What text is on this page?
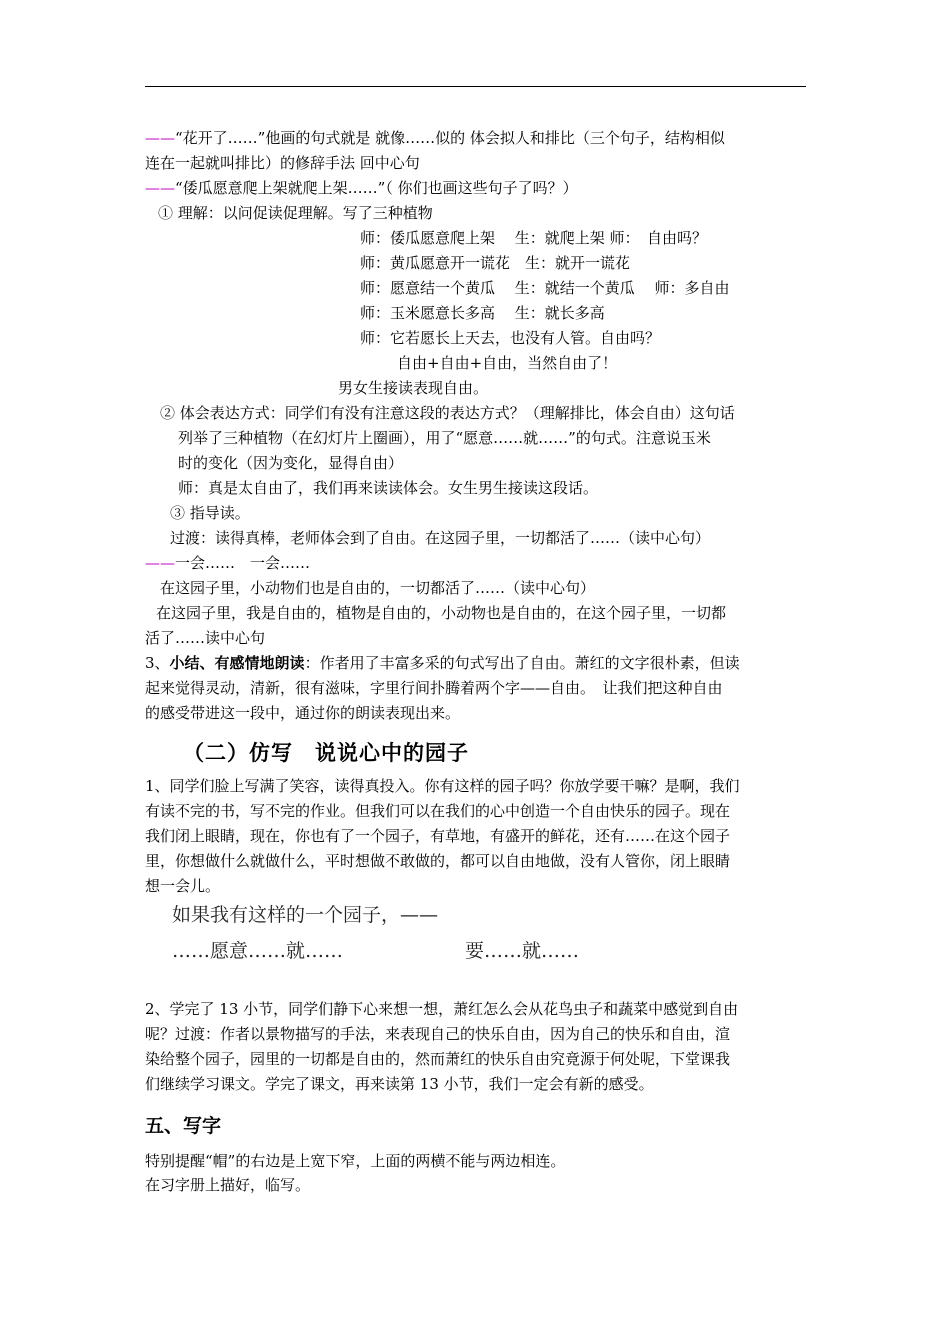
——“花开了……”他画的句式就是 就像……似的 体会拟人和排比（三个句子，结构相似
连在一起就叫排比）的修辞手法 回中心句
——“倭瓜愿意爬上架就爬上架……”（ 你们也画这些句子了吗？）
① 理解：以问促读促理解。写了三种植物
师：倭瓜愿意爬上架　 生：就爬上架 师：　自由吗？
师：黄瓜愿意开一谎花　生：就开一谎花
师：愿意结一个黄瓜　 生：就结一个黄瓜　 师：多自由
师：玉米愿意长多高　 生：就长多高
师：它若愿长上天去，也没有人管。自由吗？
自由+自由+自由，当然自由了！
男女生接读表现自由。
② 体会表达方式：同学们有没有注意这段的表达方式？（理解排比，体会自由）这句话
列举了三种植物（在幻灯片上圈画），用了“愿意……就……”的句式。注意说玉米
时的变化（因为变化，显得自由）
师：真是太自由了，我们再来读读体会。女生男生接读这段话。
③ 指导读。
过渡：读得真棒，老师体会到了自由。在这园子里，一切都活了……（读中心句）
——一会……　一会……
在这园子里，小动物们也是自由的，一切都活了……（读中心句）
在这园子里，我是自由的，植物是自由的，小动物也是自由的，在这个园子里，一切都
活了……读中心句
3、小结、有感情地朗读：作者用了丰富多采的句式写出了自由。萧红的文字很朴素，但读
起来觉得灵动，清新，很有滋味，字里行间扑腾着两个字——自由。　让我们把这种自由
的感受带进这一段中，通过你的朗读表现出来。
（二）仿写　说说心中的园子
1、同学们脸上写满了笑容，读得真投入。你有这样的园子吗？你放学要干嘛？是啊，我们
有读不完的书，写不完的作业。但我们可以在我们的心中创造一个自由快乐的园子。现在
我们闭上眼睛，现在，你也有了一个园子，有草地，有盛开的鲜花，还有……在这个园子
里，你想做什么就做什么，平时想做不敢做的，都可以自由地做，没有人管你，闭上眼睛
想一会儿。
如果我有这样的一个园子，——
……愿意……就……	要……就……
2、学完了 13 小节，同学们静下心来想一想，萧红怎么会从花鸟虫子和蔬菜中感觉到自由
呢？过渡：作者以景物描写的手法，来表现自己的快乐自由，因为自己的快乐和自由，渲
染给整个园子，园里的一切都是自由的，然而萧红的快乐自由究竟源于何处呢，下堂课我
们继续学习课文。学完了课文，再来读第 13 小节，我们一定会有新的感受。
五、写字
特别提醒“帽”的右边是上宽下窄，上面的两横不能与两边相连。
在习字册上描好，临写。
